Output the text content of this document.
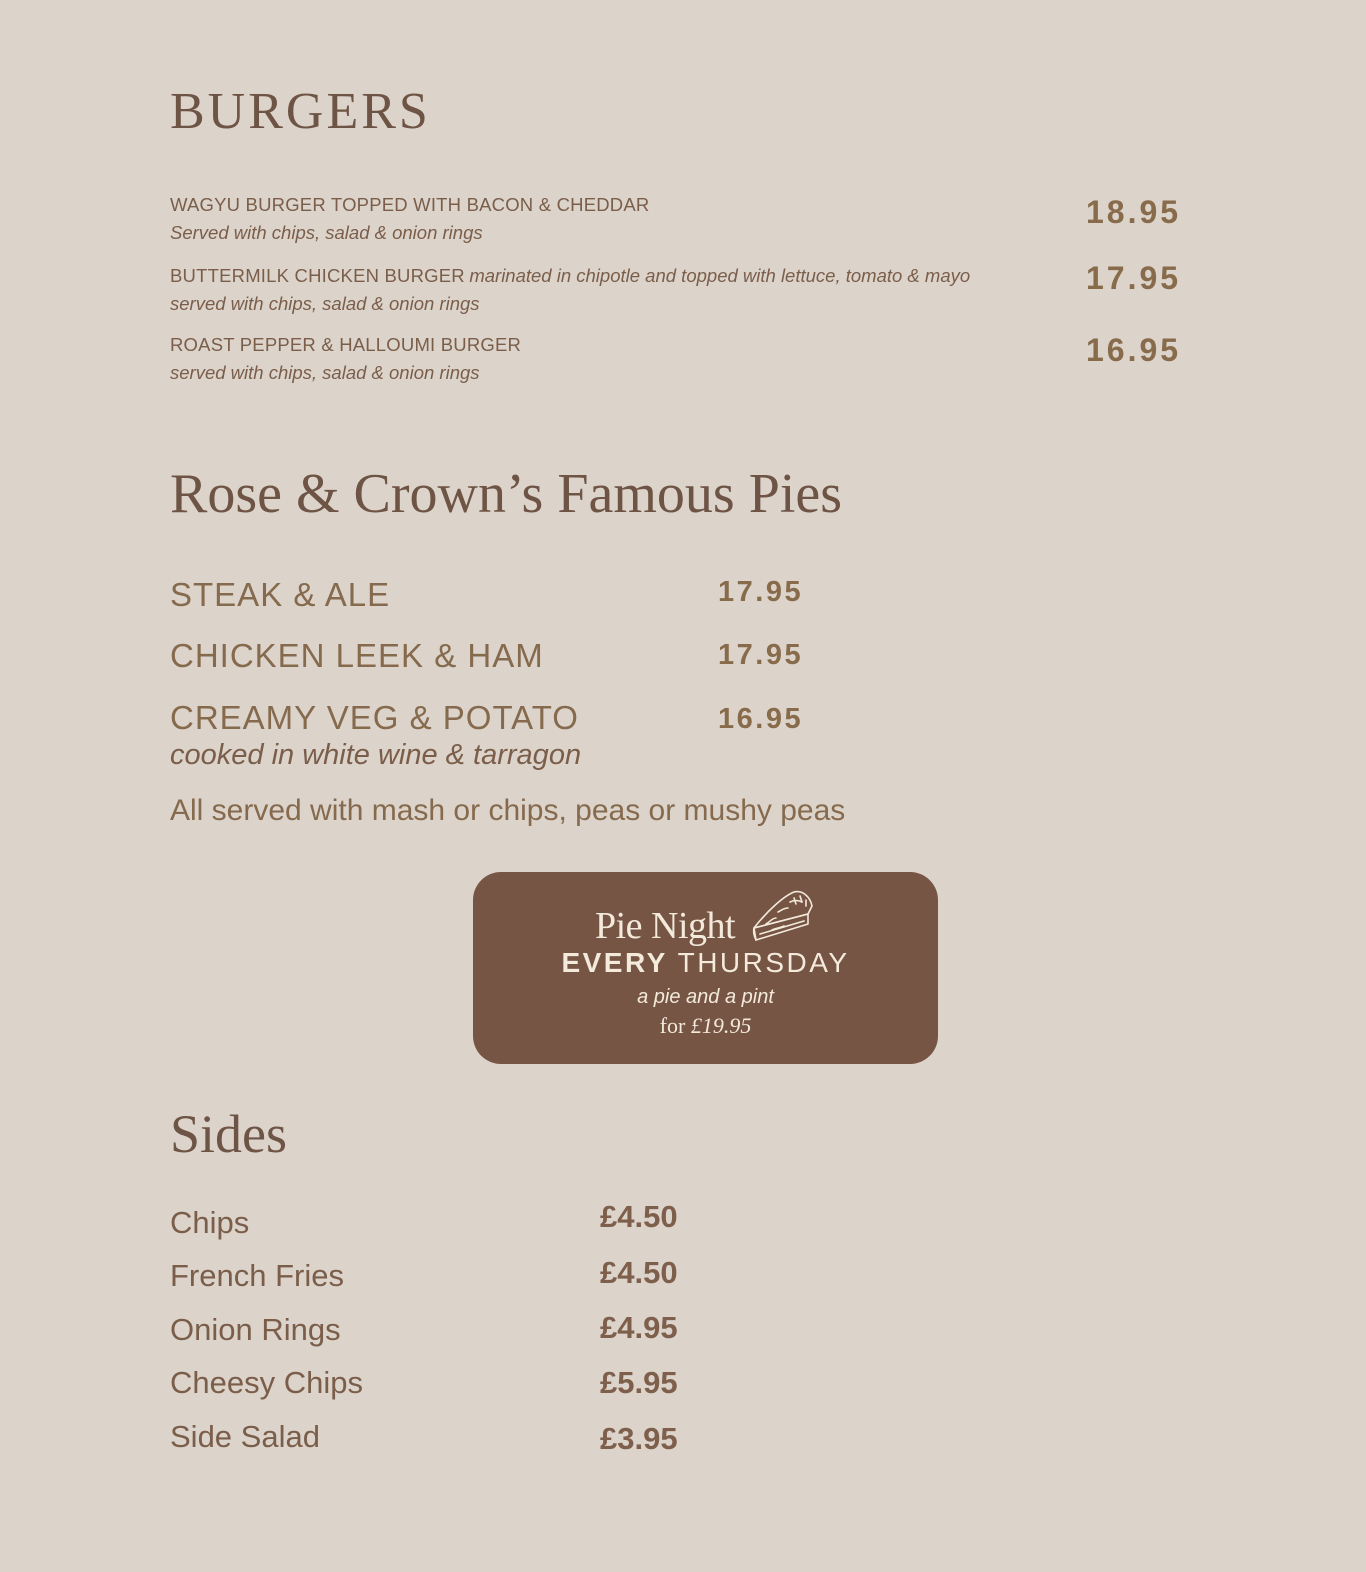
BURGERS
WAGYU BURGER TOPPED WITH BACON & CHEDDAR
Served with chips, salad & onion rings
18.95
BUTTERMILK CHICKEN BURGER marinated in chipotle and topped with lettuce, tomato & mayo
served with chips, salad & onion rings
17.95
ROAST PEPPER & HALLOUMI BURGER
served with chips, salad & onion rings
16.95
Rose & Crown’s Famous Pies
STEAK & ALE	17.95
CHICKEN LEEK & HAM	17.95
CREAMY VEG & POTATO	16.95
cooked in white wine & tarragon
All served with mash or chips, peas or mushy peas
Pie Night
EVERY THURSDAY
a pie and a pint
for £19.95
Sides
Chips	£4.50
French Fries	£4.50
Onion Rings	£4.95
Cheesy Chips	£5.95
Side Salad	£3.95
